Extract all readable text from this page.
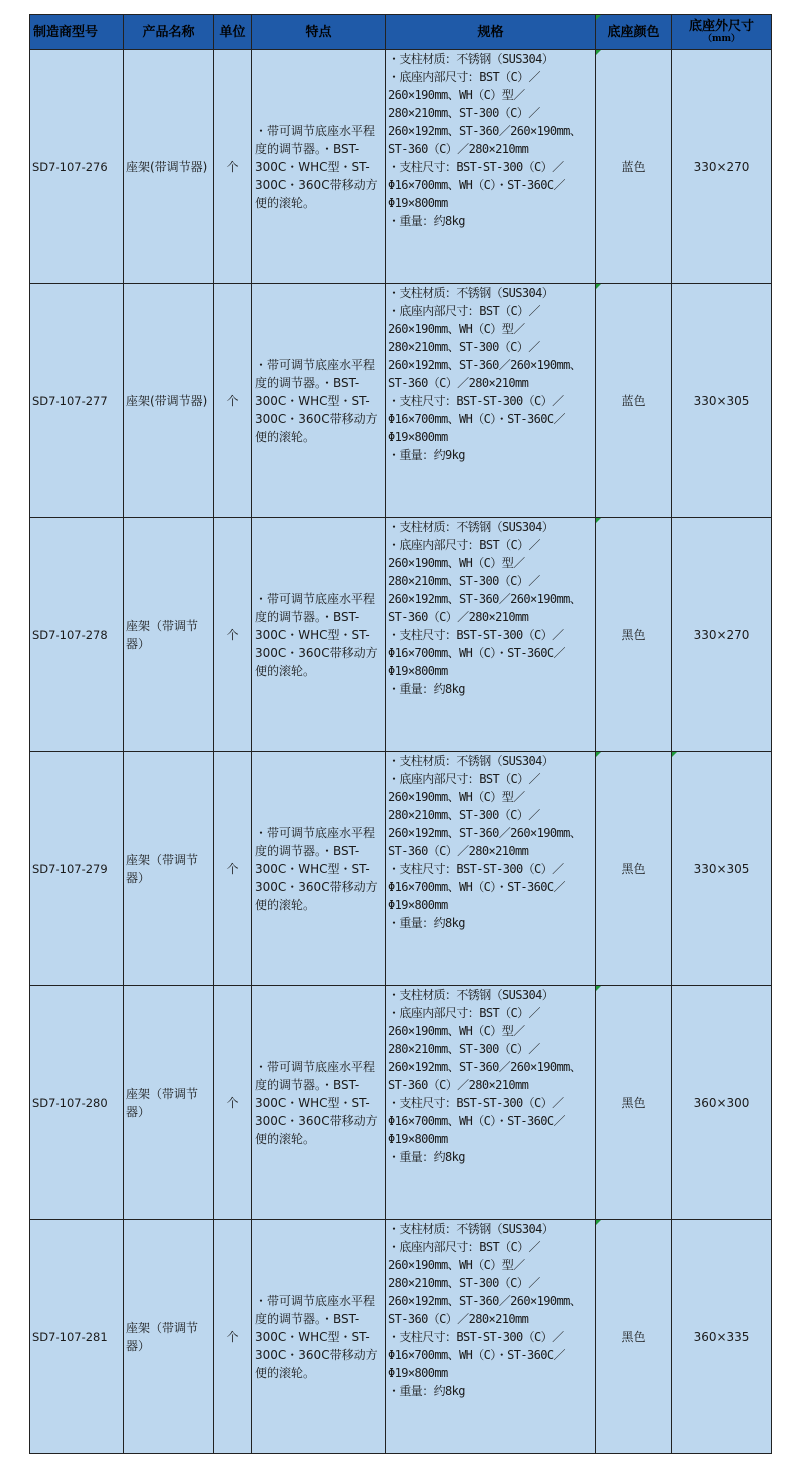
制造商型号	产品名称	单位	特点	规格	底座颜色	底座外尺寸
（mm）

SD7-107-276	座架(带调节器)	个	・带可调节底座水平程度的调节器。・BST-300C・WHC型・ST-300C・360C带移动方便的滚轮。	・支柱材质：不锈钢（SUS304）
・底座内部尺寸：BST（C）／260×190mm、WH（C）型／280×210mm、ST-300（C）／260×192mm、ST-360／260×190mm、ST-360（C）／280×210mm
・支柱尺寸：BST-ST-300（C）／Φ16×700mm、WH（C）・ST-360C／Φ19×800mm
・重量：约8kg	蓝色	330×270
SD7-107-277	座架(带调节器)	个	・带可调节底座水平程度的调节器。・BST-300C・WHC型・ST-300C・360C带移动方便的滚轮。	・支柱材质：不锈钢（SUS304）
・底座内部尺寸：BST（C）／260×190mm、WH（C）型／280×210mm、ST-300（C）／260×192mm、ST-360／260×190mm、ST-360（C）／280×210mm
・支柱尺寸：BST-ST-300（C）／Φ16×700mm、WH（C）・ST-360C／Φ19×800mm
・重量：约9kg	蓝色	330×305
SD7-107-278	座架（带调节器）	个	・带可调节底座水平程度的调节器。・BST-300C・WHC型・ST-300C・360C带移动方便的滚轮。	・支柱材质：不锈钢（SUS304）
・底座内部尺寸：BST（C）／260×190mm、WH（C）型／280×210mm、ST-300（C）／260×192mm、ST-360／260×190mm、ST-360（C）／280×210mm
・支柱尺寸：BST-ST-300（C）／Φ16×700mm、WH（C）・ST-360C／Φ19×800mm
・重量：约8kg	黑色	330×270
SD7-107-279	座架（带调节器）	个	・带可调节底座水平程度的调节器。・BST-300C・WHC型・ST-300C・360C带移动方便的滚轮。	・支柱材质：不锈钢（SUS304）
・底座内部尺寸：BST（C）／260×190mm、WH（C）型／280×210mm、ST-300（C）／260×192mm、ST-360／260×190mm、ST-360（C）／280×210mm
・支柱尺寸：BST-ST-300（C）／Φ16×700mm、WH（C）・ST-360C／Φ19×800mm
・重量：约8kg	黑色	330×305
SD7-107-280	座架（带调节器）	个	・带可调节底座水平程度的调节器。・BST-300C・WHC型・ST-300C・360C带移动方便的滚轮。	・支柱材质：不锈钢（SUS304）
・底座内部尺寸：BST（C）／260×190mm、WH（C）型／280×210mm、ST-300（C）／260×192mm、ST-360／260×190mm、ST-360（C）／280×210mm
・支柱尺寸：BST-ST-300（C）／Φ16×700mm、WH（C）・ST-360C／Φ19×800mm
・重量：约8kg	黑色	360×300
SD7-107-281	座架（带调节器）	个	・带可调节底座水平程度的调节器。・BST-300C・WHC型・ST-300C・360C带移动方便的滚轮。	・支柱材质：不锈钢（SUS304）
・底座内部尺寸：BST（C）／260×190mm、WH（C）型／280×210mm、ST-300（C）／260×192mm、ST-360／260×190mm、ST-360（C）／280×210mm
・支柱尺寸：BST-ST-300（C）／Φ16×700mm、WH（C）・ST-360C／Φ19×800mm
・重量：约8kg	黑色	360×335
